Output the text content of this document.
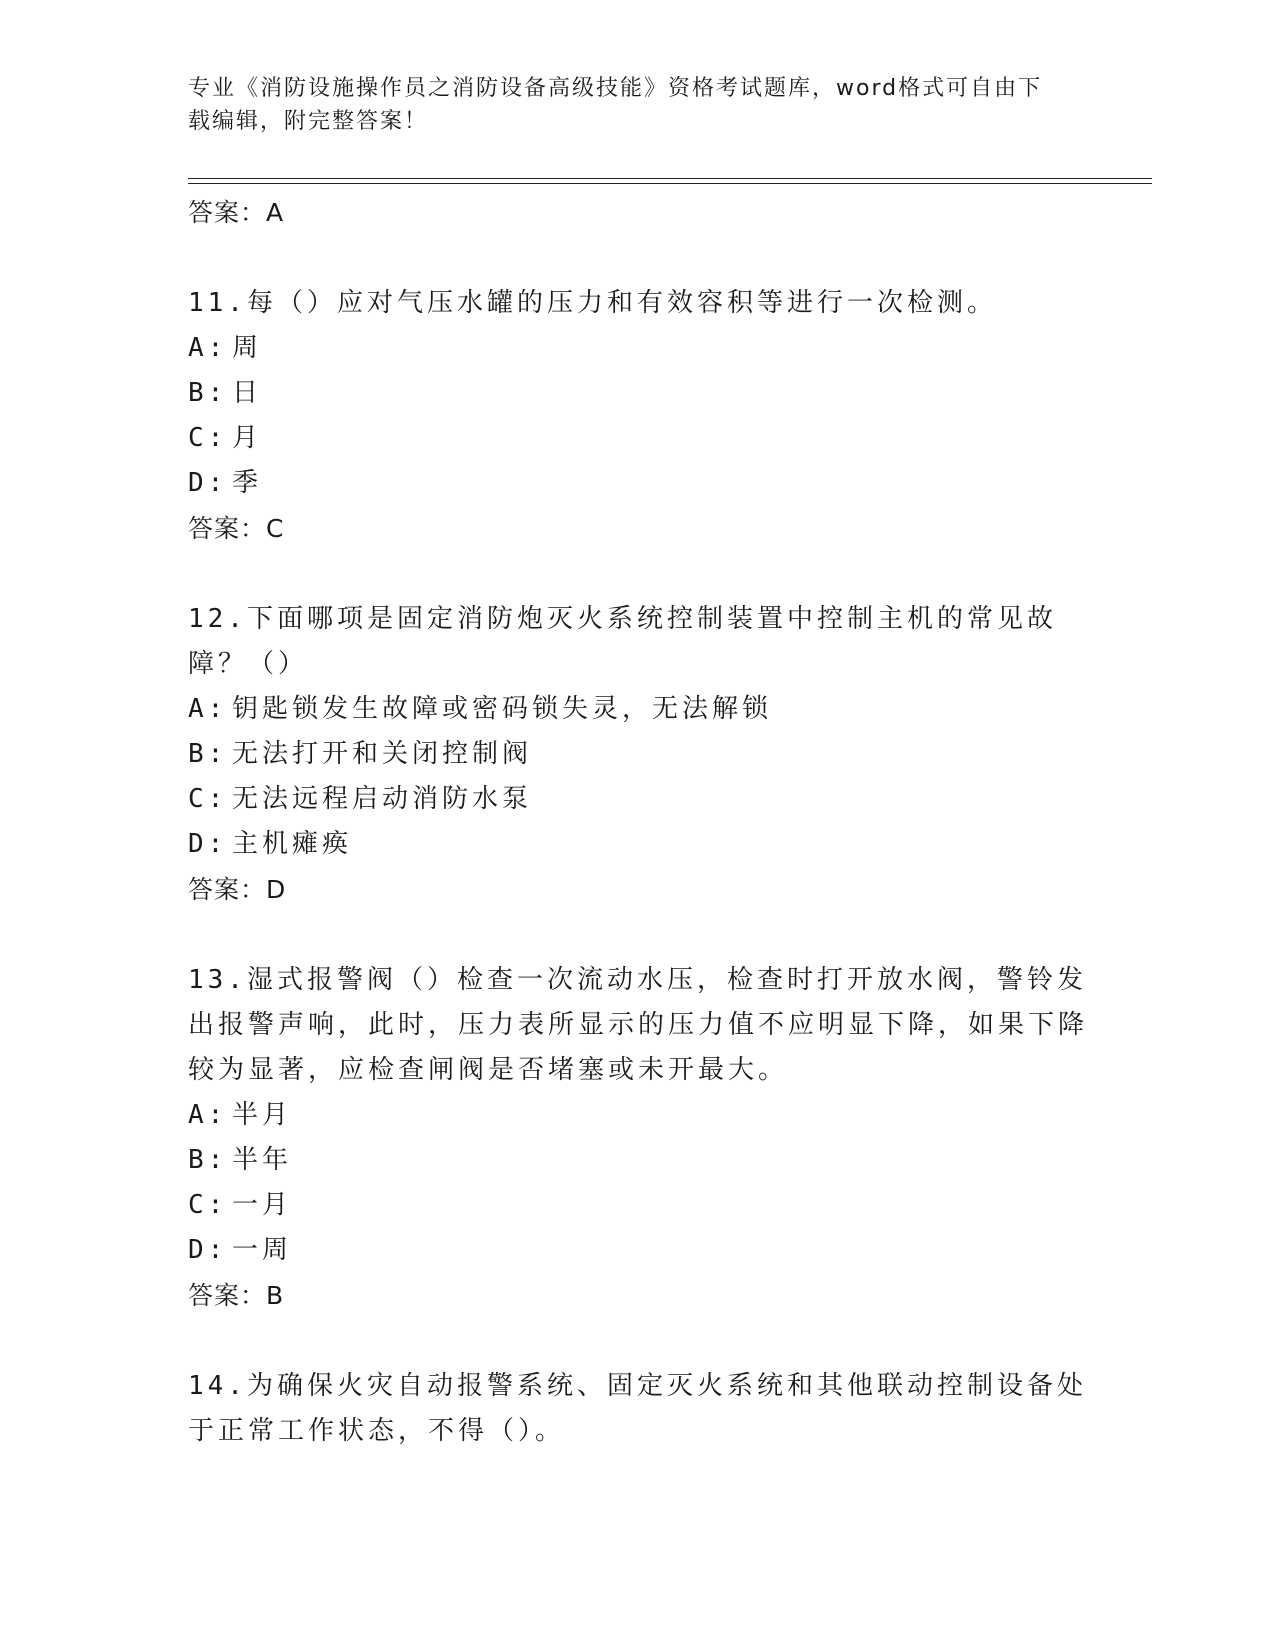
专业《消防设施操作员之消防设备高级技能》资格考试题库，word格式可自由下
载编辑，附完整答案！
答案：A
11.每（）应对气压水罐的压力和有效容积等进行一次检测。
A: 周
B: 日
C: 月
D: 季
答案：C
12.下面哪项是固定消防炮灭火系统控制装置中控制主机的常见故障？（）
A: 钥匙锁发生故障或密码锁失灵，无法解锁
B: 无法打开和关闭控制阀
C: 无法远程启动消防水泵
D: 主机瘫痪
答案：D
13.湿式报警阀（）检查一次流动水压，检查时打开放水阀，警铃发出报警声响，此时，压力表所显示的压力值不应明显下降，如果下降较为显著，应检查闸阀是否堵塞或未开最大。
A: 半月
B: 半年
C: 一月
D: 一周
答案：B
14.为确保火灾自动报警系统、固定灭火系统和其他联动控制设备处于正常工作状态，不得（）。
